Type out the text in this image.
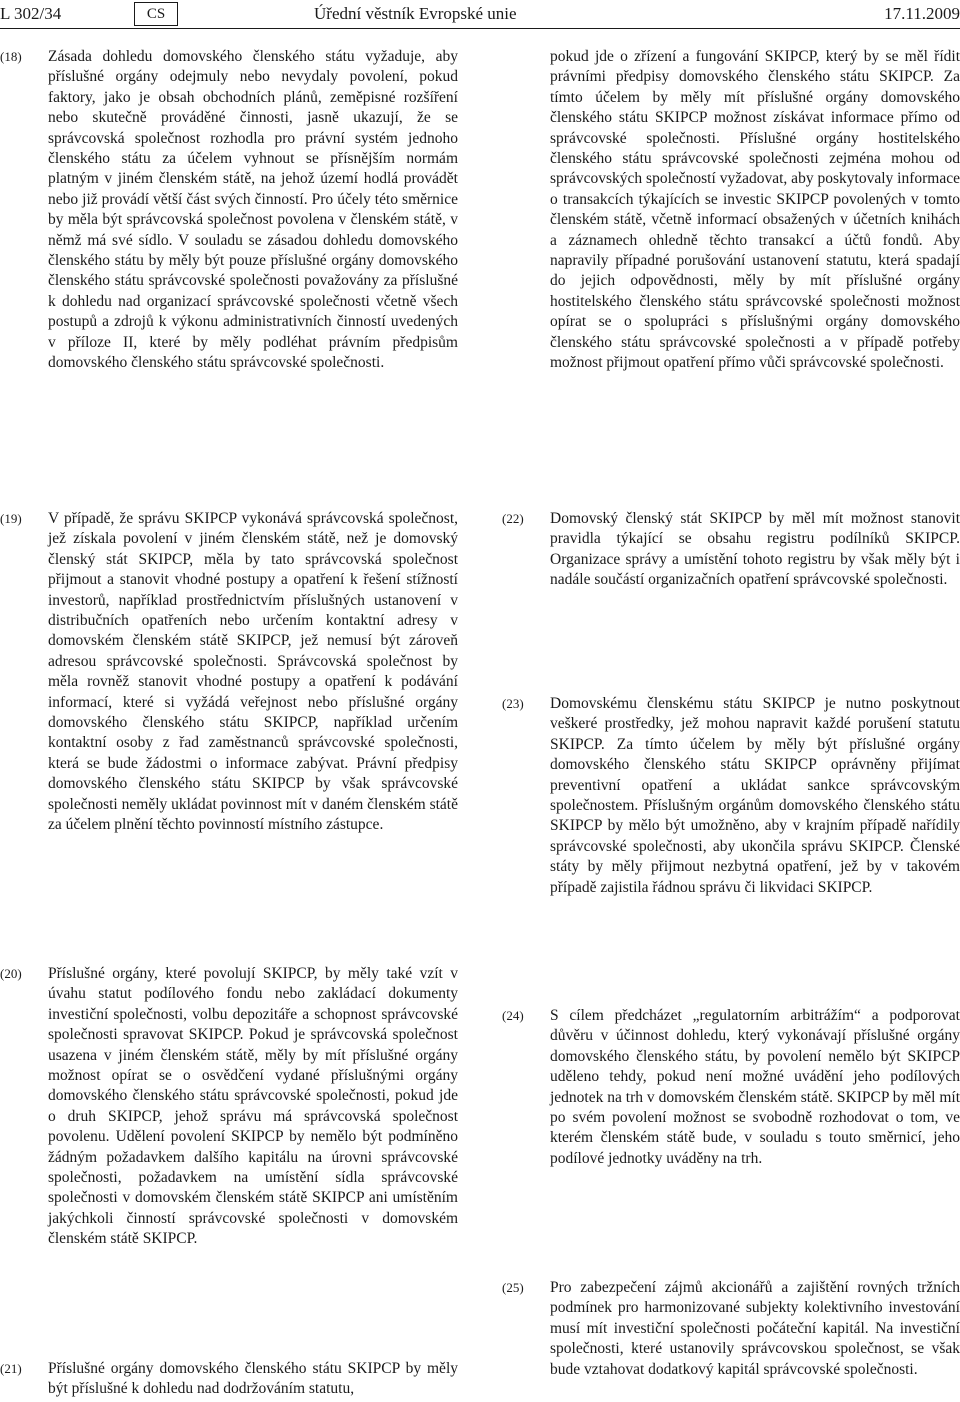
L 302/34	CS	Úřední věstník Evropské unie	17.11.2009
(18) Zásada dohledu domovského členského státu vyžaduje, aby příslušné orgány odejmuly nebo nevydaly povolení, pokud faktory, jako je obsah obchodních plánů, zeměpisné rozšíření nebo skutečně prováděné činnosti, jasně ukazují, že se správcovská společnost rozhodla pro právní systém jednoho členského státu za účelem vyhnout se přísnějším normám platným v jiném členském státě, na jehož území hodlá provádět nebo již provádí větší část svých činností. Pro účely této směrnice by měla být správcovská společnost povolena v členském státě, v němž má své sídlo. V souladu se zásadou dohledu domovského členského státu by měly být pouze příslušné orgány domovského členského státu správcovské společnosti považovány za příslušné k dohledu nad organizací správcovské společnosti včetně všech postupů a zdrojů k výkonu administrativních činností uvedených v příloze II, které by měly podléhat právním předpisům domovského členského státu správcovské společnosti.
pokud jde o zřízení a fungování SKIPCP, který by se měl řídit právními předpisy domovského členského státu SKIPCP. Za tímto účelem by měly mít příslušné orgány domovského členského státu SKIPCP možnost získávat informace přímo od správcovské společnosti. Příslušné orgány hostitelského členského státu správcovské společnosti zejména mohou od správcovských společností vyžadovat, aby poskytovaly informace o transakcích týkajících se investic SKIPCP povolených v tomto členském státě, včetně informací obsažených v účetních knihách a záznamech ohledně těchto transakcí a účtů fondů. Aby napravily případné porušování ustanovení statutu, která spadají do jejich odpovědnosti, měly by mít příslušné orgány hostitelského členského státu správcovské společnosti možnost opírat se o spolupráci s příslušnými orgány domovského členského státu správcovské společnosti a v případě potřeby možnost přijmout opatření přímo vůči správcovské společnosti.
(19) V případě, že správu SKIPCP vykonává správcovská společnost, jež získala povolení v jiném členském státě, než je domovský členský stát SKIPCP, měla by tato správcovská společnost přijmout a stanovit vhodné postupy a opatření k řešení stížností investorů, například prostřednictvím příslušných ustanovení v distribučních opatřeních nebo určením kontaktní adresy v domovském členském státě SKIPCP, jež nemusí být zároveň adresou správcovské společnosti. Správcovská společnost by měla rovněž stanovit vhodné postupy a opatření k podávání informací, které si vyžádá veřejnost nebo příslušné orgány domovského členského státu SKIPCP, například určením kontaktní osoby z řad zaměstnanců správcovské společnosti, která se bude žádostmi o informace zabývat. Právní předpisy domovského členského státu SKIPCP by však správcovské společnosti neměly ukládat povinnost mít v daném členském státě za účelem plnění těchto povinností místního zástupce.
(22) Domovský členský stát SKIPCP by měl mít možnost stanovit pravidla týkající se obsahu registru podílníků SKIPCP. Organizace správy a umístění tohoto registru by však měly být i nadále součástí organizačních opatření správcovské společnosti.
(23) Domovskému členskému státu SKIPCP je nutno poskytnout veškeré prostředky, jež mohou napravit každé porušení statutu SKIPCP. Za tímto účelem by měly být příslušné orgány domovského členského státu SKIPCP oprávněny přijímat preventivní opatření a ukládat sankce správcovským společnostem. Příslušným orgánům domovského členského státu SKIPCP by mělo být umožněno, aby v krajním případě nařídily správcovské společnosti, aby ukončila správu SKIPCP. Členské státy by měly přijmout nezbytná opatření, jež by v takovém případě zajistila řádnou správu či likvidaci SKIPCP.
(20) Příslušné orgány, které povolují SKIPCP, by měly také vzít v úvahu statut podílového fondu nebo zakládací dokumenty investiční společnosti, volbu depozitáře a schopnost správcovské společnosti spravovat SKIPCP. Pokud je správcovská společnost usazena v jiném členském státě, měly by mít příslušné orgány možnost opírat se o osvědčení vydané příslušnými orgány domovského členského státu správcovské společnosti, pokud jde o druh SKIPCP, jehož správu má správcovská společnost povolenu. Udělení povolení SKIPCP by nemělo být podmíněno žádným požadavkem dalšího kapitálu na úrovni správcovské společnosti, požadavkem na umístění sídla správcovské společnosti v domovském členském státě SKIPCP ani umístěním jakýchkoli činností správcovské společnosti v domovském členském státě SKIPCP.
(24) S cílem předcházet „regulatorním arbitrážím“ a podporovat důvěru v účinnost dohledu, který vykonávají příslušné orgány domovského členského státu, by povolení nemělo být SKIPCP uděleno tehdy, pokud není možné uvádění jeho podílových jednotek na trh v domovském členském státě. SKIPCP by měl mít po svém povolení možnost se svobodně rozhodovat o tom, ve kterém členském státě bude, v souladu s touto směrnicí, jeho podílové jednotky uváděny na trh.
(25) Pro zabezpečení zájmů akcionářů a zajištění rovných tržních podmínek pro harmonizované subjekty kolektivního investování musí mít investiční společnosti počáteční kapitál. Na investiční společnosti, které ustanovily správcovskou společnost, se však bude vztahovat dodatkový kapitál správcovské společnosti.
(21) Příslušné orgány domovského členského státu SKIPCP by měly být příslušné k dohledu nad dodržováním statutu,
